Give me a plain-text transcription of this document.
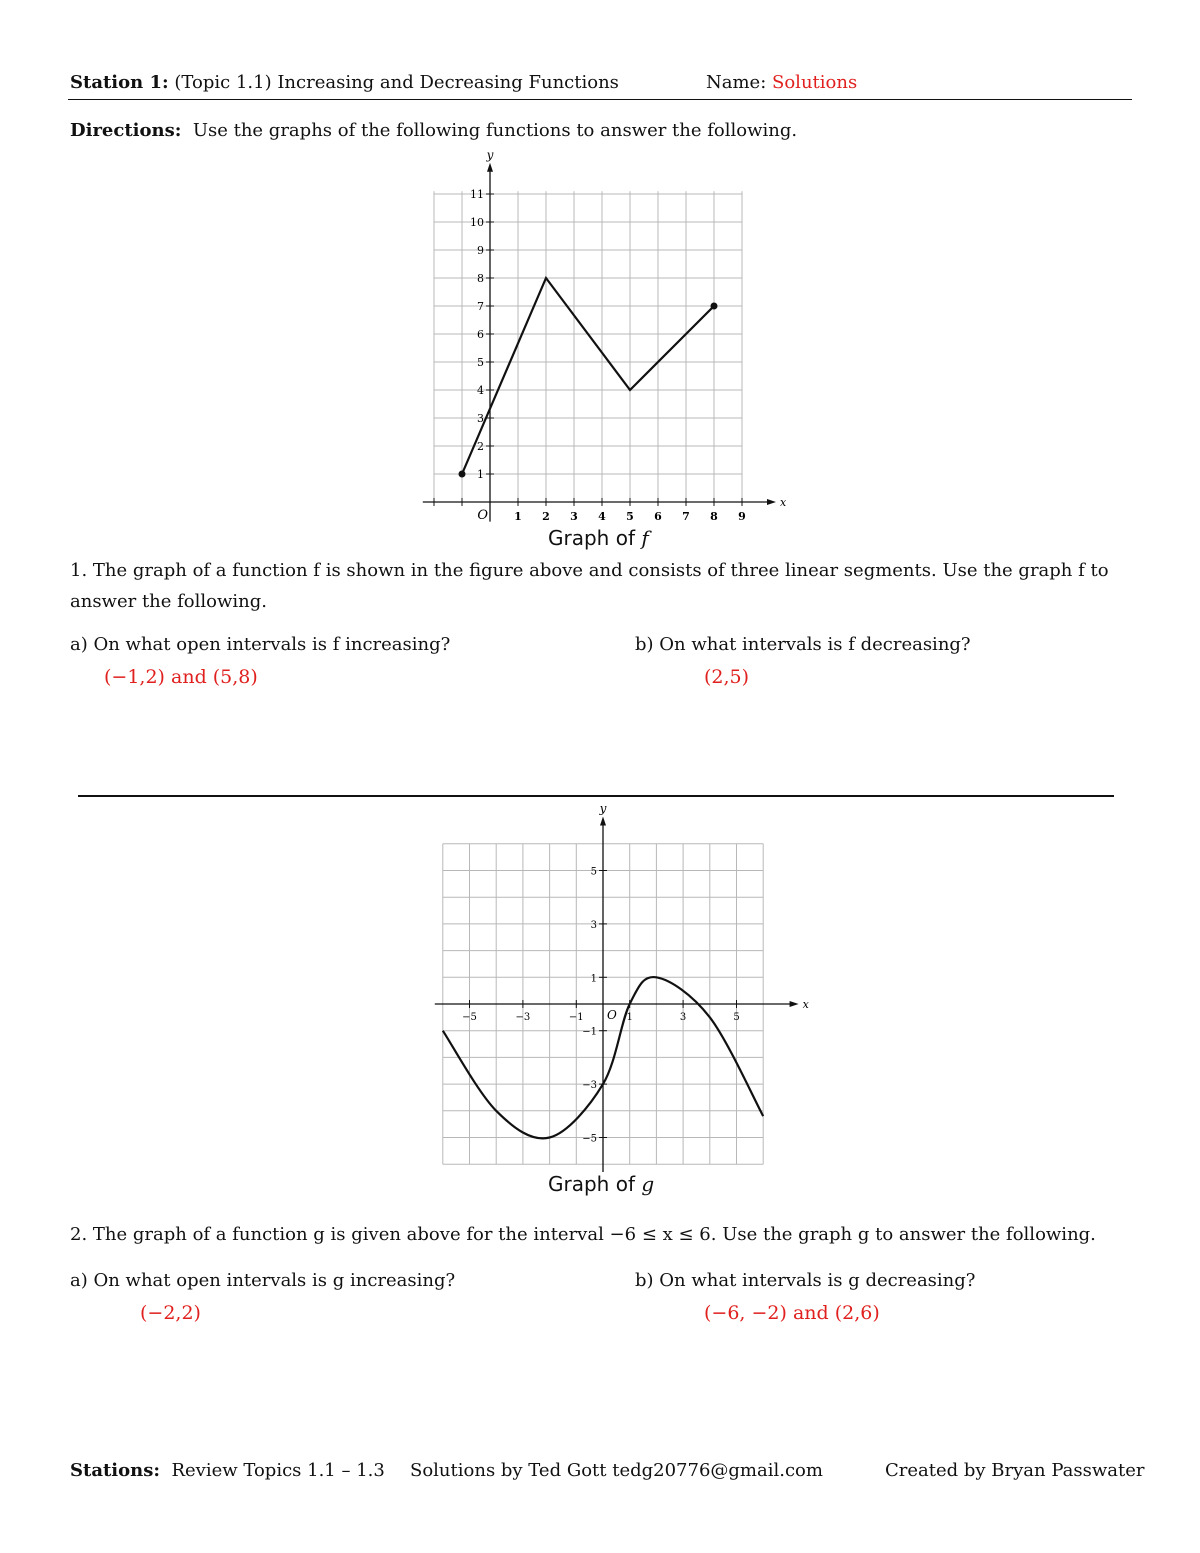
Station 1: (Topic 1.1) Increasing and Decreasing Functions	Name: Solutions
Directions: Use the graphs of the following functions to answer the following.
1 2 3 4 5 6 7 8 9
1
2
3
4
5
6
7
8
9
10
11
O
x
y
Graph of f
1. The graph of a function f is shown in the figure above and consists of three linear segments. Use the graph f to
answer the following.
a) On what open intervals is f increasing?	b) On what intervals is f decreasing?
(−1,2) and (5,8)	(2,5)
−5	−3	−1	1	3	5
5
3
1
−1
−3
−5
O
x
y
Graph of g
2. The graph of a function g is given above for the interval −6 ≤ x ≤ 6. Use the graph g to answer the following.
a) On what open intervals is g increasing?	b) On what intervals is g decreasing?
(−2,2)	(−6, −2) and (2,6)
Stations: Review Topics 1.1 – 1.3 Solutions by Ted Gott tedg20776@gmail.com	Created by Bryan Passwater
